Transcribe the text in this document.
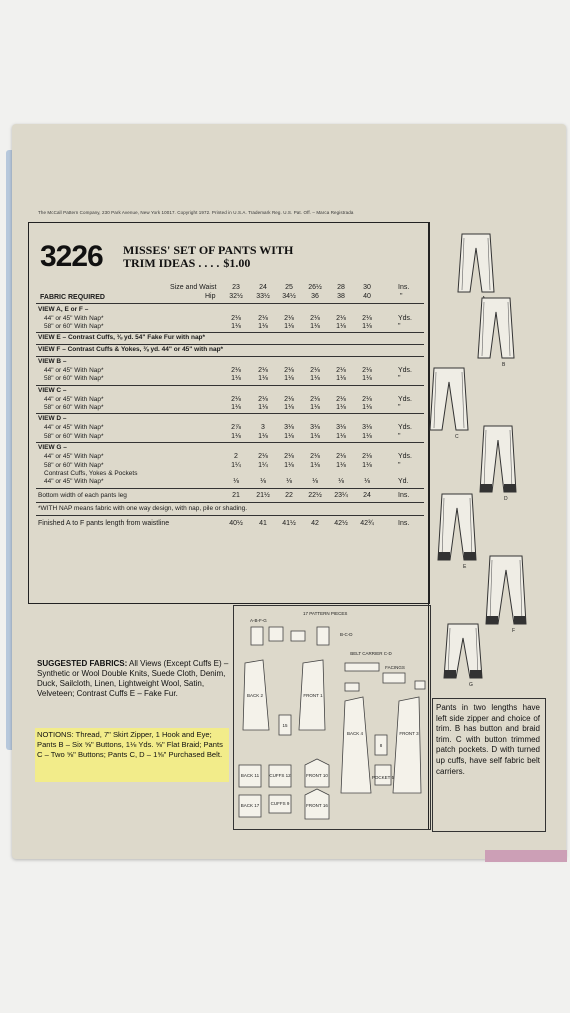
The McCall Pattern Company, 230 Park Avenue, New York 10017. Copyright 1972. Printed in U.S.A. Trademark Reg. U.S. Pat. Off. – Marca Registrada
3226 MISSES' SET OF PANTS WITH
TRIM IDEAS . . . . $1.00
Size and Waist	23	24	25	26½	28	30	Ins.
FABRIC REQUIRED	Hip	32½	33½	34½	36	38	40	"
VIEW A, E or F –
44" or 45" With Nap*	2⅛	2⅛	2⅛	2⅛	2⅛	2⅛	Yds.
58" or 60" With Nap*	1⅛	1⅛	1⅛	1⅛	1⅛	1⅛	"
VIEW E – Contrast Cuffs, ⅜ yd. 54" Fake Fur with nap*
VIEW F – Contrast Cuffs & Yokes, ⅜ yd. 44" or 45" with nap*
VIEW B –
44" or 45" With Nap*	2⅛	2⅛	2⅛	2⅛	2⅛	2⅛	Yds.
58" or 60" With Nap*	1⅛	1⅛	1⅛	1⅛	1⅛	1⅛	"
VIEW C –
44" or 45" With Nap*	2⅛	2⅛	2⅛	2⅛	2⅛	2⅛	Yds.
58" or 60" With Nap*	1⅛	1⅛	1⅛	1⅛	1⅛	1⅛	"
VIEW D –
44" or 45" With Nap*	2⅞	3	3⅛	3⅛	3⅛	3⅛	Yds.
58" or 60" With Nap*	1⅛	1⅛	1⅛	1⅛	1⅛	1⅛	"
VIEW G –
44" or 45" With Nap*	2	2⅛	2⅛	2⅛	2⅛	2⅛	Yds.
58" or 60" With Nap*	1¼	1¼	1⅛	1⅛	1⅛	1⅛	"
Contrast Cuffs, Yokes & Pockets
44" or 45" With Nap*	⅛	⅛	⅛	⅛	⅛	⅛	Yd.
Bottom width of each pants leg	21	21½	22	22½	23¼	24	Ins.
*WITH NAP means fabric with one way design, with nap, pile or shading.
Finished A to F pants length from waistline	40½	41	41½	42	42½	42¾	Ins.
B
C
D
E
F
G
SUGGESTED FABRICS: All Views (Except Cuffs E) – Synthetic or Wool Double Knits, Suede Cloth, Denim, Duck, Sailcloth, Linen, Lightweight Wool, Satin, Velveteen; Contrast Cuffs E – Fake Fur.
NOTIONS: Thread, 7" Skirt Zipper, 1 Hook and Eye; Pants B – Six ⅝" Buttons, 1⅛ Yds. ⅝" Flat Braid; Pants C – Two ⅝" Buttons; Pants C, D – 1⅝" Purchased Belt.
17 PATTERN PIECES
A-B-F-G
B-C-D
BACK 2	FRONT 1
15
BACK 4	FRONT 3
8
POCKET 5
BELT CARRIER C-D
FACINGS
BACK 11 CUFFS 12	FRONT 10
BACK 17	CUFFS 9	FRONT 16
Pants in two lengths have left side zipper and choice of trim. B has button and braid trim. C with button trimmed patch pockets. D with turned up cuffs, have self fabric belt carriers.
